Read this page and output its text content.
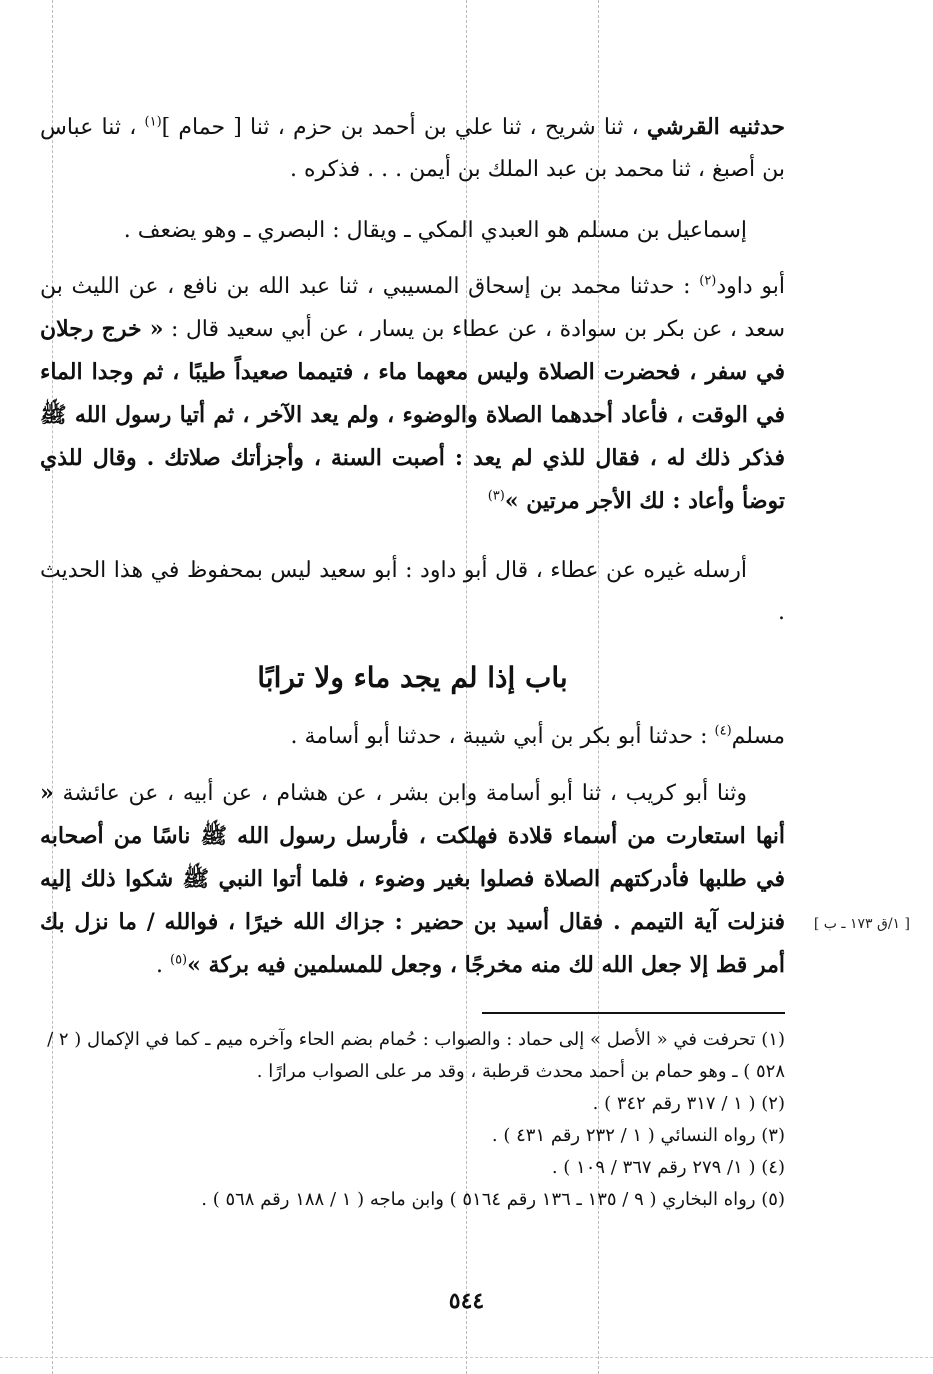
حدثنيه القرشي ، ثنا شريح ، ثنا علي بن أحمد بن حزم ، ثنا [ حمام ]$^{(١)}$ ، ثنا عباس بن أصبغ ، ثنا محمد بن عبد الملك بن أيمن . . . فذكره .
إسماعيل بن مسلم هو العبدي المكي ـ ويقال : البصري ـ وهو يضعف .
أبو داود$^{(٢)}$ : حدثنا محمد بن إسحاق المسيبي ، ثنا عبد الله بن نافع ، عن الليث بن سعد ، عن بكر بن سوادة ، عن عطاء بن يسار ، عن أبي سعيد قال : « خرج رجلان في سفر ، فحضرت الصلاة وليس معهما ماء ، فتيمما صعيداً طيبًا ، ثم وجدا الماء في الوقت ، فأعاد أحدهما الصلاة والوضوء ، ولم يعد الآخر ، ثم أتيا رسول الله ﷺ فذكر ذلك له ، فقال للذي لم يعد : أصبت السنة ، وأجزأتك صلاتك . وقال للذي توضأ وأعاد : لك الأجر مرتين »$^{(٣)}$
أرسله غيره عن عطاء ، قال أبو داود : أبو سعيد ليس بمحفوظ في هذا الحديث .
باب إذا لم يجد ماء ولا ترابًا
مسلم$^{(٤)}$ : حدثنا أبو بكر بن أبي شيبة ، حدثنا أبو أسامة .
وثنا أبو كريب ، ثنا أبو أسامة وابن بشر ، عن هشام ، عن أبيه ، عن عائشة « أنها استعارت من أسماء قلادة فهلكت ، فأرسل رسول الله ﷺ ناسًا من أصحابه في طلبها فأدركتهم الصلاة فصلوا بغير وضوء ، فلما أتوا النبي ﷺ شكوا ذلك إليه فنزلت آية التيمم . فقال أسيد بن حضير : جزاك الله خيرًا ، فوالله / ما نزل بك أمر قط إلا جعل الله لك منه مخرجًا ، وجعل للمسلمين فيه بركة »$^{(٥)}$ .
[ ١/ق ١٧٣ ـ ب ]

(١) تحرفت في « الأصل » إلى حماد : والصواب : حُمام بضم الحاء وآخره ميم ـ كما في الإكمال ( ٢ / ٥٢٨ ) ـ وهو حمام بن أحمد محدث قرطبة ، وقد مر على الصواب مرارًا .

(٢) ( ١ / ٣١٧ رقم ٣٤٢ ) .

(٣) رواه النسائي ( ١ / ٢٣٢ رقم ٤٣١ ) .

(٤) ( ١/ ٢٧٩ رقم ٣٦٧ / ١٠٩ ) .

(٥) رواه البخاري ( ٩ / ١٣٥ ـ ١٣٦ رقم ٥١٦٤ ) وابن ماجه ( ١ / ١٨٨ رقم ٥٦٨ ) .

٥٤٤
